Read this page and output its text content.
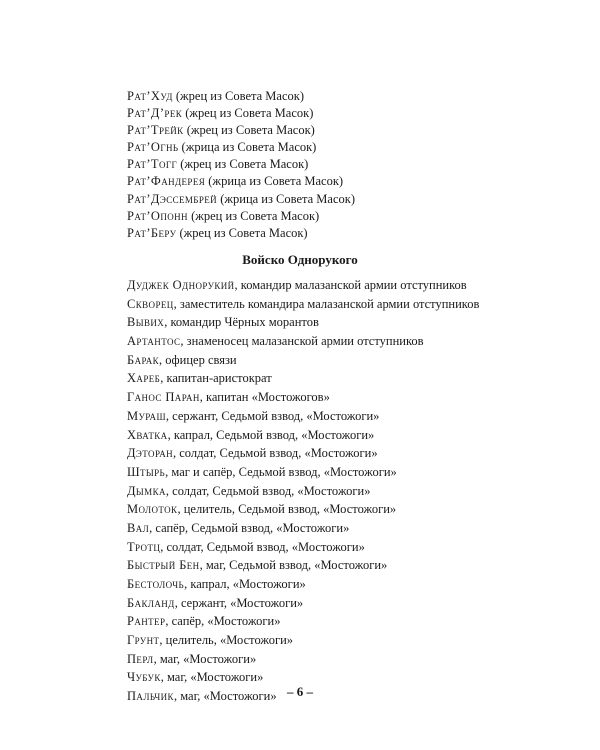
Рат’Худ (жрец из Совета Масок)
Рат’Д’рек (жрец из Совета Масок)
Рат’Трейк (жрец из Совета Масок)
Рат’Огнь (жрица из Совета Масок)
Рат’Тогг (жрец из Совета Масок)
Рат’Фандерея (жрица из Совета Масок)
Рат’Дэссембрей (жрица из Совета Масок)
Рат’Опонн (жрец из Совета Масок)
Рат’Беру (жрец из Совета Масок)
Войско Однорукого
Дуджек Однорукий, командир малазанской армии отступников
Скворец, заместитель командира малазанской армии отступников
Вывих, командир Чёрных морантов
Артантос, знаменосец малазанской армии отступников
Барак, офицер связи
Хареб, капитан-аристократ
Ганос Паран, капитан «Мостожогов»
Мураш, сержант, Седьмой взвод, «Мостожоги»
Хватка, капрал, Седьмой взвод, «Мостожоги»
Дэторан, солдат, Седьмой взвод, «Мостожоги»
Штырь, маг и сапёр, Седьмой взвод, «Мостожоги»
Дымка, солдат, Седьмой взвод, «Мостожоги»
Молоток, целитель, Седьмой взвод, «Мостожоги»
Вал, сапёр, Седьмой взвод, «Мостожоги»
Тротц, солдат, Седьмой взвод, «Мостожоги»
Быстрый Бен, маг, Седьмой взвод, «Мостожоги»
Бестолочь, капрал, «Мостожоги»
Бакланд, сержант, «Мостожоги»
Рантер, сапёр, «Мостожоги»
Грунт, целитель, «Мостожоги»
Перл, маг, «Мостожоги»
Чубук, маг, «Мостожоги»
Пальчик, маг, «Мостожоги» – 6 –
